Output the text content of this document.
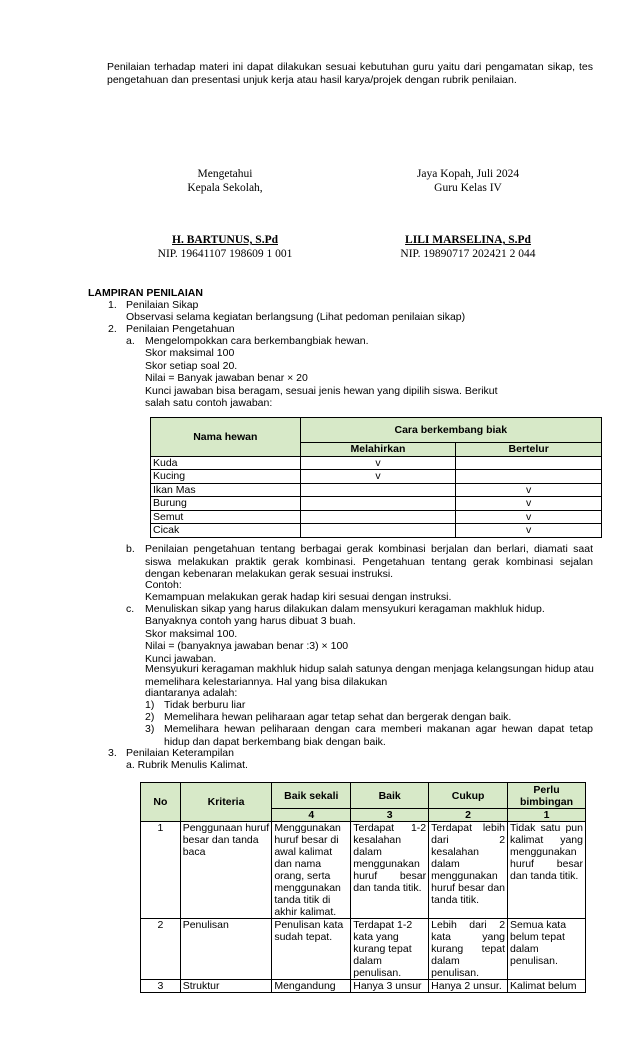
Penilaian terhadap materi ini dapat dilakukan sesuai kebutuhan guru yaitu dari pengamatan sikap, tes pengetahuan dan presentasi unjuk kerja atau hasil karya/projek dengan rubrik penilaian.
Mengetahui
Kepala Sekolah,
Jaya Kopah, Juli 2024
Guru Kelas IV
H. BARTUNUS, S.Pd
NIP. 19641107 198609 1 001
LILI MARSELINA, S.Pd
NIP. 19890717 202421 2 044
LAMPIRAN PENILAIAN
1. Penilaian Sikap
Observasi selama kegiatan berlangsung (Lihat pedoman penilaian sikap)
2. Penilaian Pengetahuan
a. Mengelompokkan cara berkembangbiak hewan.
Skor maksimal 100
Skor setiap soal 20.
Nilai = Banyak jawaban benar × 20
Kunci jawaban bisa beragam, sesuai jenis hewan yang dipilih siswa. Berikut
salah satu contoh jawaban:
Nama hewan	Cara berkembang biak	
	Melahirkan	Bertelur
Kuda	v	
Kucing	v	
Ikan Mas		v
Burung		v
Semut		v
Cicak		v
b. Penilaian pengetahuan tentang berbagai gerak kombinasi berjalan dan berlari, diamati saat siswa melakukan praktik gerak kombinasi. Pengetahuan tentang gerak kombinasi sejalan dengan kebenaran melakukan gerak sesuai instruksi.
Contoh:
Kemampuan melakukan gerak hadap kiri sesuai dengan instruksi.
c. Menuliskan sikap yang harus dilakukan dalam mensyukuri keragaman makhluk hidup.
Banyaknya contoh yang harus dibuat 3 buah.
Skor maksimal 100.
Nilai = (banyaknya jawaban benar :3) × 100
Kunci jawaban.
Mensyukuri keragaman makhluk hidup salah satunya dengan menjaga kelangsungan hidup atau memelihara kelestariannya. Hal yang bisa dilakukan
diantaranya adalah:
1) Tidak berburu liar
2) Memelihara hewan peliharaan agar tetap sehat dan bergerak dengan baik.
3) Memelihara hewan peliharaan dengan cara memberi makanan agar hewan dapat tetap hidup dan dapat berkembang biak dengan baik.
3. Penilaian Keterampilan
a. Rubrik Menulis Kalimat.
No	Kriteria	Baik sekali	Baik	Cukup	Perlu bimbingan
		4	3	2	1
1	Penggunaan huruf besar dan tanda baca	Menggunakan huruf besar di awal kalimat dan nama orang, serta menggunakan tanda titik di akhir kalimat.	Terdapat 1-2 kesalahan dalam menggunakan huruf besar dan tanda titik.	Terdapat lebih dari 2 kesalahan dalam menggunakan huruf besar dan tanda titik.	Tidak satu pun kalimat yang menggunakan huruf besar dan tanda titik.
2	Penulisan	Penulisan kata sudah tepat.	Terdapat 1-2 kata yang kurang tepat dalam penulisan.	Lebih dari 2 kata yang kurang tepat dalam penulisan.	Semua kata belum tepat dalam penulisan.
3	Struktur	Mengandung	Hanya 3 unsur	Hanya 2 unsur.	Kalimat belum
